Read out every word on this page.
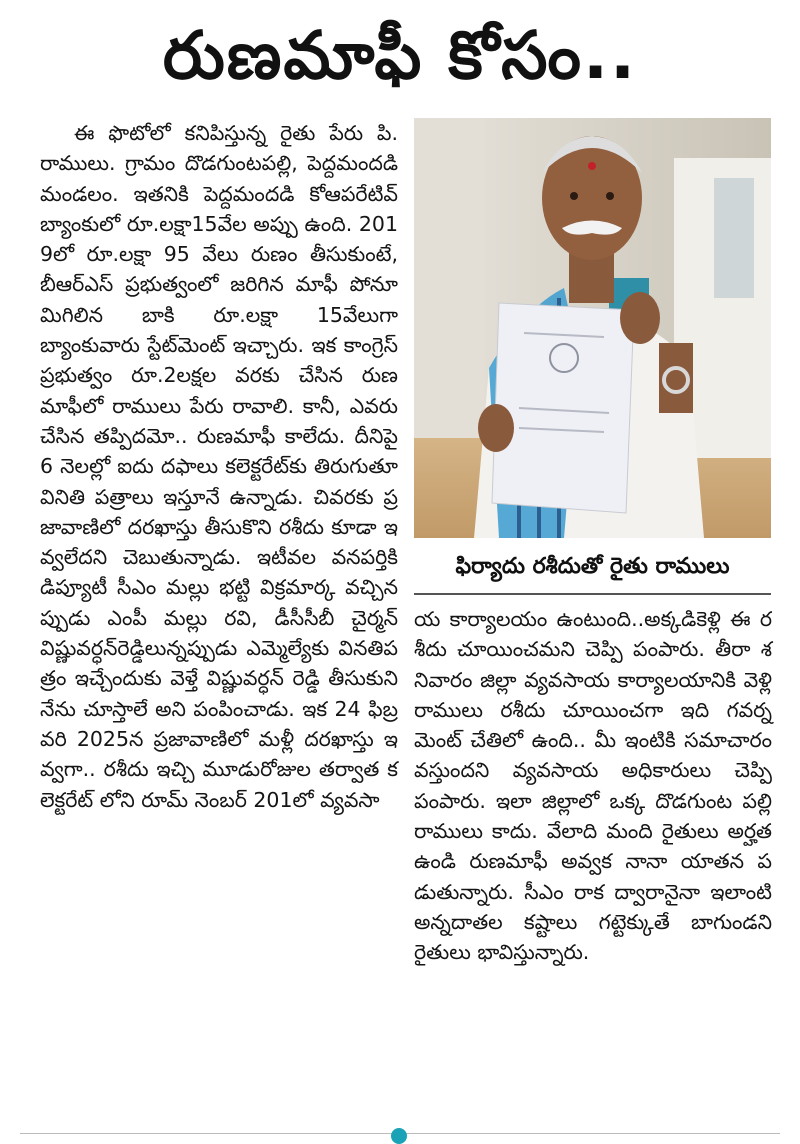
రుణమాఫీ కోసం..

ఈ ఫొటోలో కనిపిస్తున్న రైతు పేరు పి.రాములు. గ్రామం దొడగుంటపల్లి, పెద్దమందడి మండలం. ఇతనికి పెద్దమందడి కోఆపరేటివ్ బ్యాంకులో రూ.లక్షా15వేల అప్పు ఉంది. 2019లో రూ.లక్షా 95 వేలు రుణం తీసుకుంటే, బీఆర్ఎస్ ప్రభుత్వంలో జరిగిన మాఫీ పోనూ మిగిలిన బాకి రూ.లక్షా 15వేలుగా బ్యాంకువారు స్టేట్‌మెంట్ ఇచ్చారు. ఇక కాంగ్రెస్ ప్రభుత్వం రూ.2లక్షల వరకు చేసిన రుణమాఫీలో రాములు పేరు రావాలి. కానీ, ఎవరు చేసిన తప్పిదమో.. రుణమాఫీ కాలేదు. దీనిపై 6 నెలల్లో ఐదు దఫాలు కలెక్టరేట్‌కు తిరుగుతూ వినితి పత్రాలు ఇస్తూనే ఉన్నాడు. చివరకు ప్రజావాణిలో దరఖాస్తు తీసుకొని రశీదు కూడా ఇవ్వలేదని చెబుతున్నాడు. ఇటీవల వనపర్తికి డిప్యూటీ సీఎం మల్లు భట్టి విక్రమార్క వచ్చినప్పుడు ఎంపీ మల్లు రవి, డీసీసీబీ చైర్మన్ విష్ణువర్ధన్‌రెడ్డిలున్నప్పుడు ఎమ్మెల్యేకు వినతిపత్రం ఇచ్చేందుకు వెళ్తే విష్ణువర్ధన్ రెడ్డి తీసుకుని నేను చూస్తాలే అని పంపించాడు. ఇక 24 ఫిబ్రవరి 2025న ప్రజావాణిలో మళ్లీ దరఖాస్తు ఇవ్వగా.. రశీదు ఇచ్చి మూడురోజుల తర్వాత కలెక్టరేట్ లోని రూమ్ నెంబర్ 201లో వ్యవసా

ఫిర్యాదు రశీదుతో రైతు రాములు

య కార్యాలయం ఉంటుంది..అక్కడికెళ్లి ఈ రశీదు చూయించమని చెప్పి పంపారు. తీరా శనివారం జిల్లా వ్యవసాయ కార్యాలయానికి వెళ్లి రాములు రశీదు చూయించగా ఇది గవర్నమెంట్ చేతిలో ఉంది.. మీ ఇంటికి సమాచారం వస్తుందని వ్యవసాయ అధికారులు చెప్పి పంపారు. ఇలా జిల్లాలో ఒక్క దొడగుంట పల్లి రాములు కాదు. వేలాది మంది రైతులు అర్హత ఉండి రుణమాఫీ అవ్వక నానా యాతన పడుతున్నారు. సీఎం రాక ద్వారానైనా ఇలాంటి అన్నదాతల కష్టాలు గట్టెక్కుతే బాగుండని రైతులు భావిస్తున్నారు.
